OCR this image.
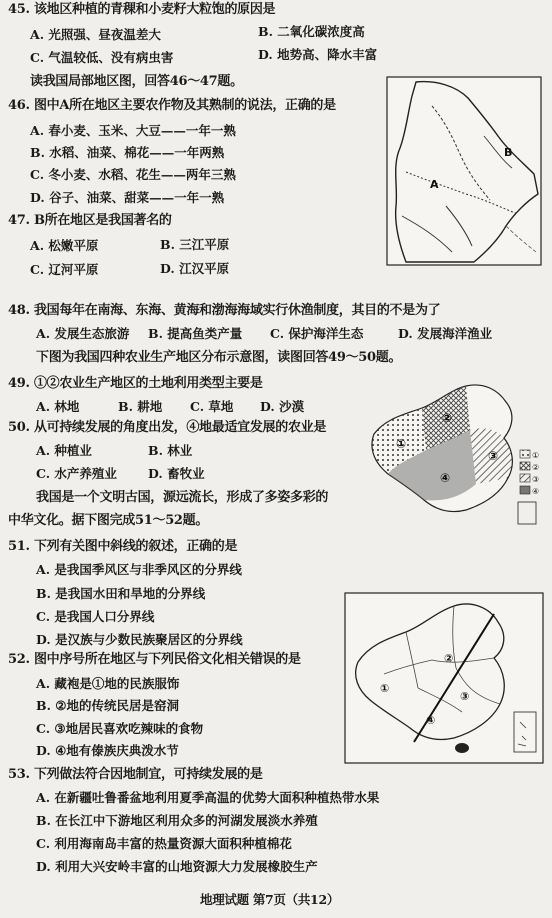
45. 该地区种植的青稞和小麦籽大粒饱的原因是
A. 光照强、昼夜温差大	B. 二氧化碳浓度高
C. 气温较低、没有病虫害	D. 地势高、降水丰富
读我国局部地区图，回答46～47题。
46. 图中A所在地区主要农作物及其熟制的说法，正确的是
A. 春小麦、玉米、大豆——一年一熟
B. 水稻、油菜、棉花——一年两熟
C. 冬小麦、水稻、花生——两年三熟
D. 谷子、油菜、甜菜——一年一熟
47. B所在地区是我国著名的
A. 松嫩平原	B. 三江平原
C. 辽河平原	D. 江汉平原
A
B
48. 我国每年在南海、东海、黄海和渤海海域实行休渔制度，其目的不是为了
A. 发展生态旅游 B. 提高鱼类产量 C. 保护海洋生态	D. 发展海洋渔业
下图为我国四种农业生产地区分布示意图，读图回答49～50题。
49. ①②农业生产地区的土地利用类型主要是
A. 林地	B. 耕地 C. 草地 D. 沙漠
50. 从可持续发展的角度出发，④地最适宜发展的农业是
A. 种植业	B. 林业
C. 水产养殖业 D. 畜牧业
我国是一个文明古国，源远流长，形成了多姿多彩的
中华文化。据下图完成51～52题。
①
②
③
④
①
②
③
④
51. 下列有关图中斜线的叙述，正确的是
A. 是我国季风区与非季风区的分界线
B. 是我国水田和旱地的分界线
C. 是我国人口分界线
D. 是汉族与少数民族聚居区的分界线
52. 图中序号所在地区与下列民俗文化相关错误的是
A. 藏袍是①地的民族服饰
B. ②地的传统民居是窑洞
C. ③地居民喜欢吃辣味的食物
D. ④地有傣族庆典泼水节
①
②
③
④
53. 下列做法符合因地制宜，可持续发展的是
A. 在新疆吐鲁番盆地利用夏季高温的优势大面积种植热带水果
B. 在长江中下游地区利用众多的河湖发展淡水养殖
C. 利用海南岛丰富的热量资源大面积种植棉花
D. 利用大兴安岭丰富的山地资源大力发展橡胶生产
地理试题 第7页（共12）
